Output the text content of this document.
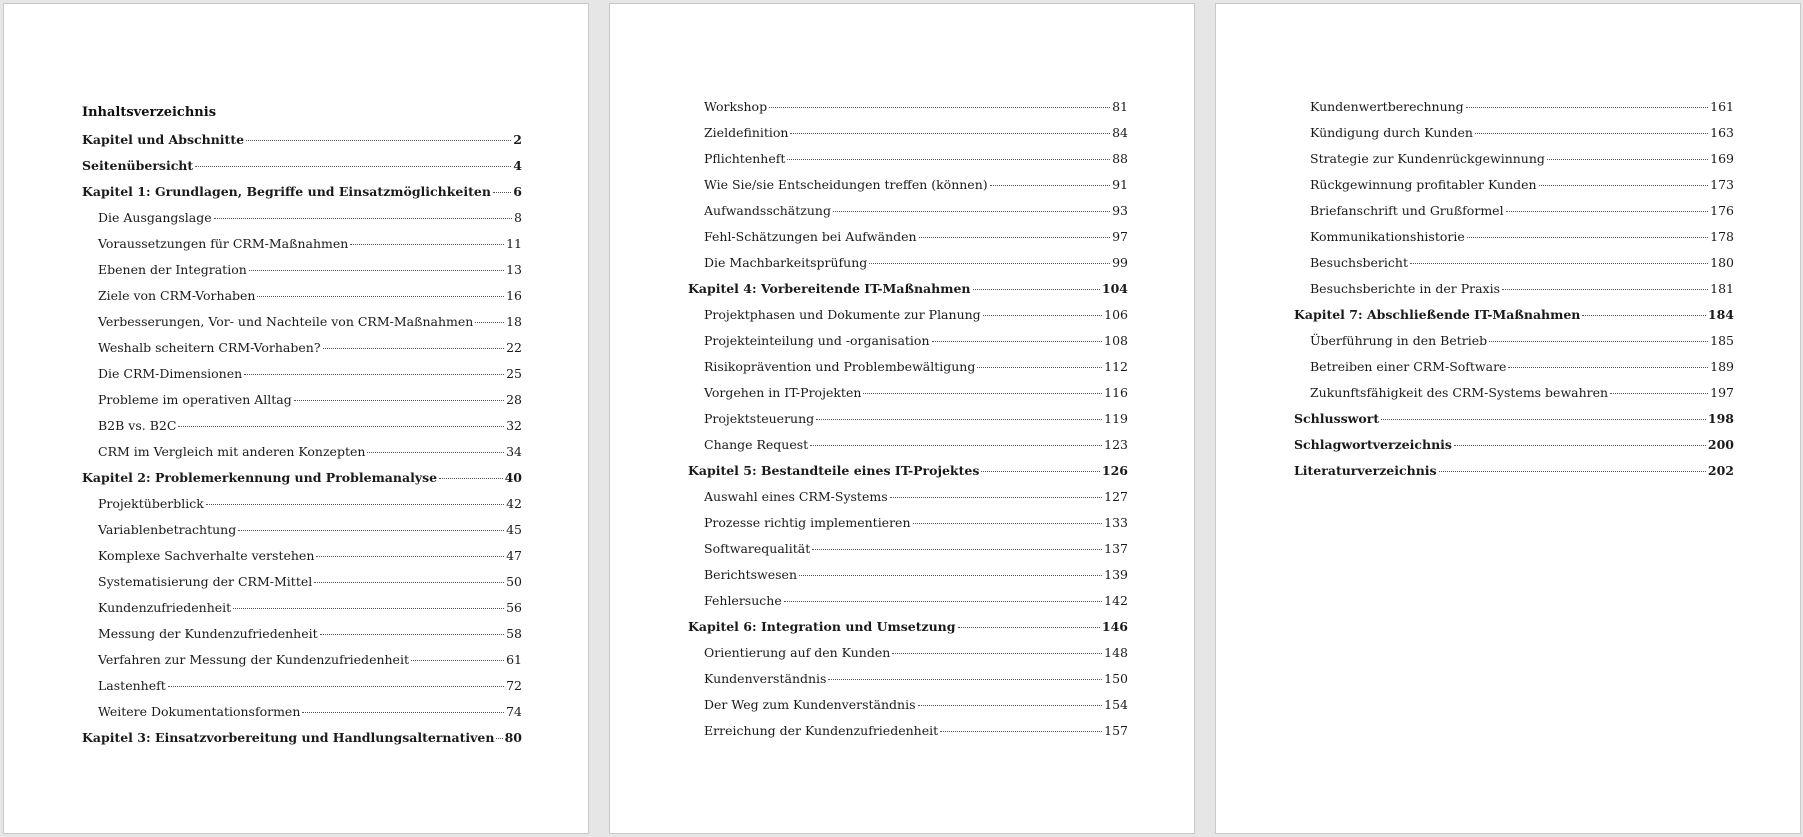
Inhaltsverzeichnis
Kapitel und Abschnitte	2
Seitenübersicht	4
Kapitel 1: Grundlagen, Begriffe und Einsatzmöglichkeiten 6
Die Ausgangslage	8
Voraussetzungen für CRM-Maßnahmen	11
Ebenen der Integration	13
Ziele von CRM-Vorhaben	16
Verbesserungen, Vor- und Nachteile von CRM-Maßnahmen	18
Weshalb scheitern CRM-Vorhaben?	22
Die CRM-Dimensionen	25
Probleme im operativen Alltag	28
B2B vs. B2C	32
CRM im Vergleich mit anderen Konzepten	34
Kapitel 2: Problemerkennung und Problemanalyse	40
Projektüberblick	42
Variablenbetrachtung	45
Komplexe Sachverhalte verstehen	47
Systematisierung der CRM-Mittel	50
Kundenzufriedenheit	56
Messung der Kundenzufriedenheit	58
Verfahren zur Messung der Kundenzufriedenheit	61
Lastenheft	72
Weitere Dokumentationsformen	74
Kapitel 3: Einsatzvorbereitung und Handlungsalternativen 80
Workshop	81
Zieldefinition	84
Pflichtenheft	88
Wie Sie/sie Entscheidungen treffen (können)	91
Aufwandsschätzung	93
Fehl-Schätzungen bei Aufwänden	97
Die Machbarkeitsprüfung	99
Kapitel 4: Vorbereitende IT-Maßnahmen	104
Projektphasen und Dokumente zur Planung	106
Projekteinteilung und -organisation	108
Risikoprävention und Problembewältigung	112
Vorgehen in IT-Projekten	116
Projektsteuerung	119
Change Request	123
Kapitel 5: Bestandteile eines IT-Projektes	126
Auswahl eines CRM-Systems	127
Prozesse richtig implementieren	133
Softwarequalität	137
Berichtswesen	139
Fehlersuche	142
Kapitel 6: Integration und Umsetzung	146
Orientierung auf den Kunden	148
Kundenverständnis	150
Der Weg zum Kundenverständnis	154
Erreichung der Kundenzufriedenheit	157
Kundenwertberechnung	161
Kündigung durch Kunden	163
Strategie zur Kundenrückgewinnung	169
Rückgewinnung profitabler Kunden	173
Briefanschrift und Grußformel	176
Kommunikationshistorie	178
Besuchsbericht	180
Besuchsberichte in der Praxis	181
Kapitel 7: Abschließende IT-Maßnahmen	184
Überführung in den Betrieb	185
Betreiben einer CRM-Software	189
Zukunftsfähigkeit des CRM-Systems bewahren	197
Schlusswort	198
Schlagwortverzeichnis	200
Literaturverzeichnis	202
